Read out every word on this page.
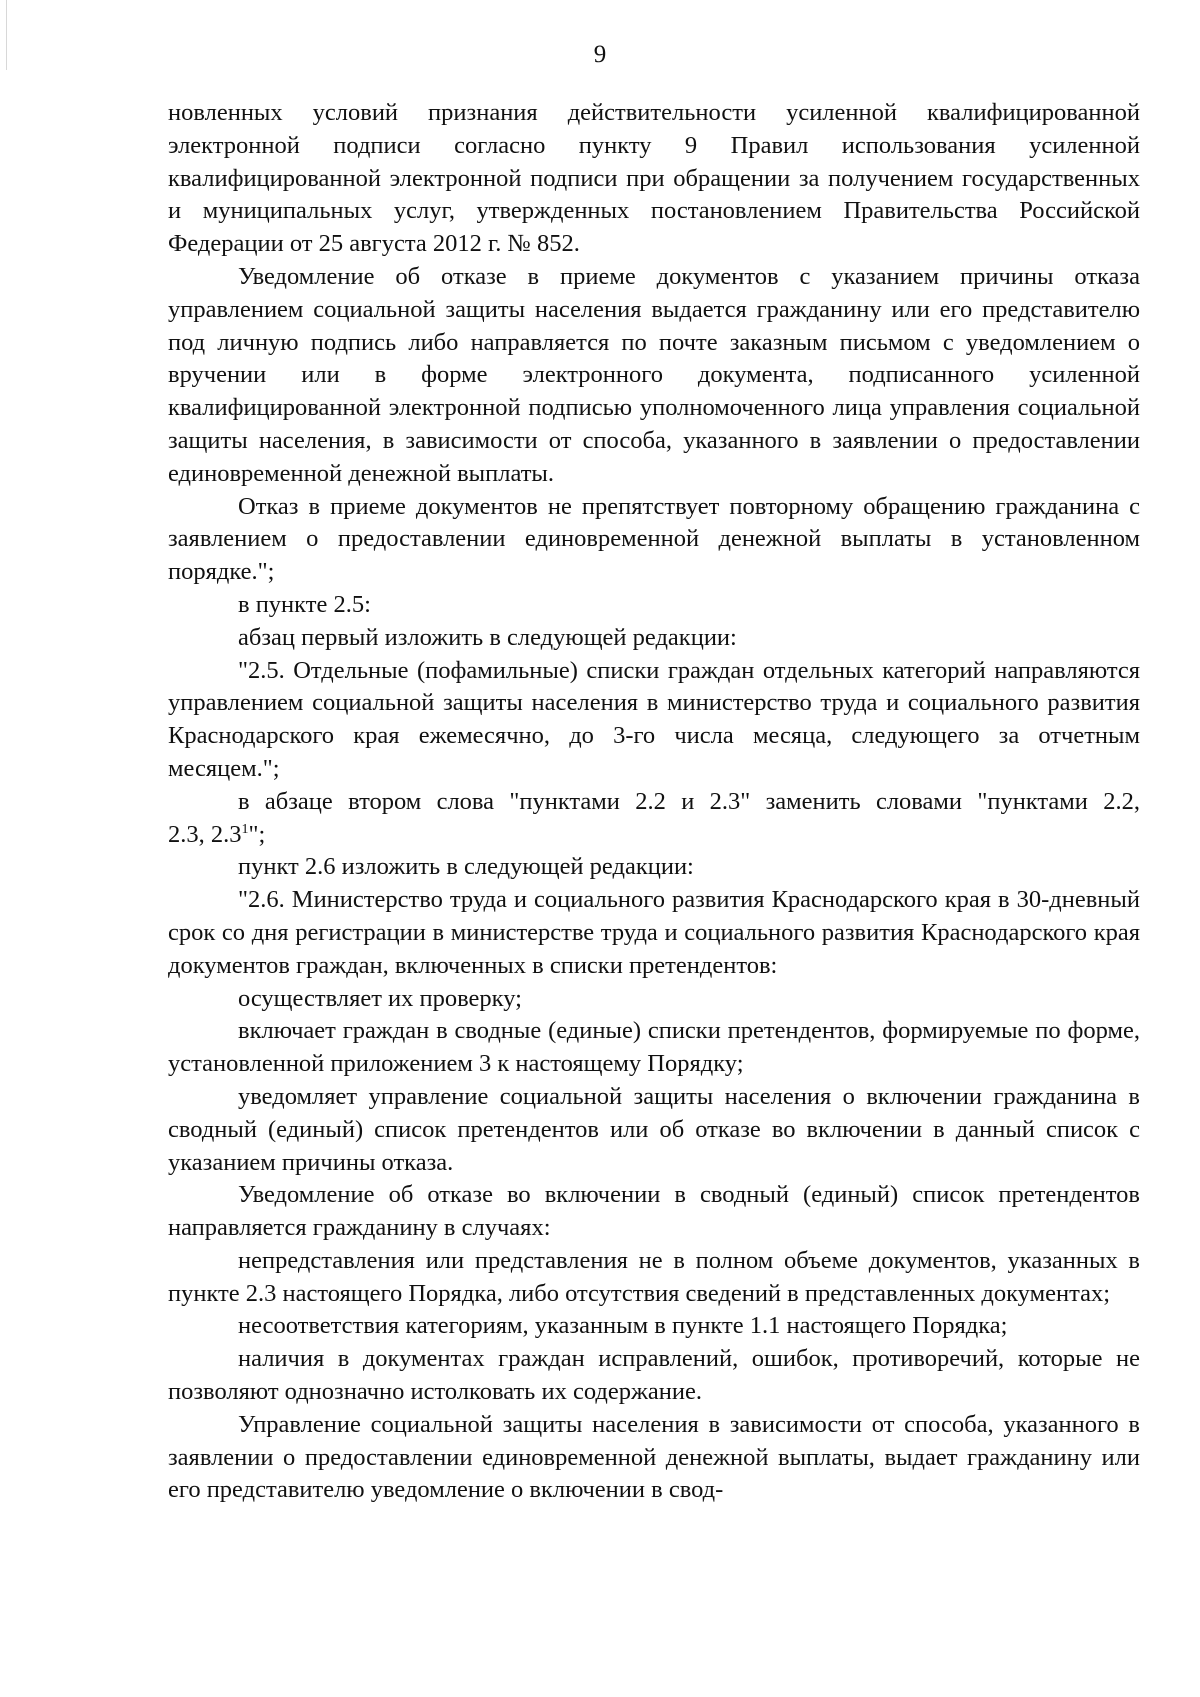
9

новленных условий признания действительности усиленной квалифицированной электронной подписи согласно пункту 9 Правил использования усиленной квалифицированной электронной подписи при обращении за получением государственных и муниципальных услуг, утвержденных постановлением Правительства Российской Федерации от 25 августа 2012 г. № 852.

Уведомление об отказе в приеме документов с указанием причины отказа управлением социальной защиты населения выдается гражданину или его представителю под личную подпись либо направляется по почте заказным письмом с уведомлением о вручении или в форме электронного документа, подписанного усиленной квалифицированной электронной подписью уполномоченного лица управления социальной защиты населения, в зависимости от способа, указанного в заявлении о предоставлении единовременной денежной выплаты.

Отказ в приеме документов не препятствует повторному обращению гражданина с заявлением о предоставлении единовременной денежной выплаты в установленном порядке.";

в пункте 2.5:

абзац первый изложить в следующей редакции:

"2.5. Отдельные (пофамильные) списки граждан отдельных категорий направляются управлением социальной защиты населения в министерство труда и социального развития Краснодарского края ежемесячно, до 3-го числа месяца, следующего за отчетным месяцем.";

в абзаце втором слова "пунктами 2.2 и 2.3" заменить словами "пунктами 2.2,

2.3, $2.3^1$";

пункт 2.6 изложить в следующей редакции:

"2.6. Министерство труда и социального развития Краснодарского края в 30-дневный срок со дня регистрации в министерстве труда и социального развития Краснодарского края документов граждан, включенных в списки претендентов:

осуществляет их проверку;

включает граждан в сводные (единые) списки претендентов, формируемые по форме, установленной приложением 3 к настоящему Порядку;

уведомляет управление социальной защиты населения о включении гражданина в сводный (единый) список претендентов или об отказе во включении в данный список с указанием причины отказа.

Уведомление об отказе во включении в сводный (единый) список претендентов направляется гражданину в случаях:

непредставления или представления не в полном объеме документов, указанных в пункте 2.3 настоящего Порядка, либо отсутствия сведений в представленных документах;

несоответствия категориям, указанным в пункте 1.1 настоящего Порядка;

наличия в документах граждан исправлений, ошибок, противоречий, которые не позволяют однозначно истолковать их содержание.

Управление социальной защиты населения в зависимости от способа, указанного в заявлении о предоставлении единовременной денежной выплаты, выдает гражданину или его представителю уведомление о включении в свод-
